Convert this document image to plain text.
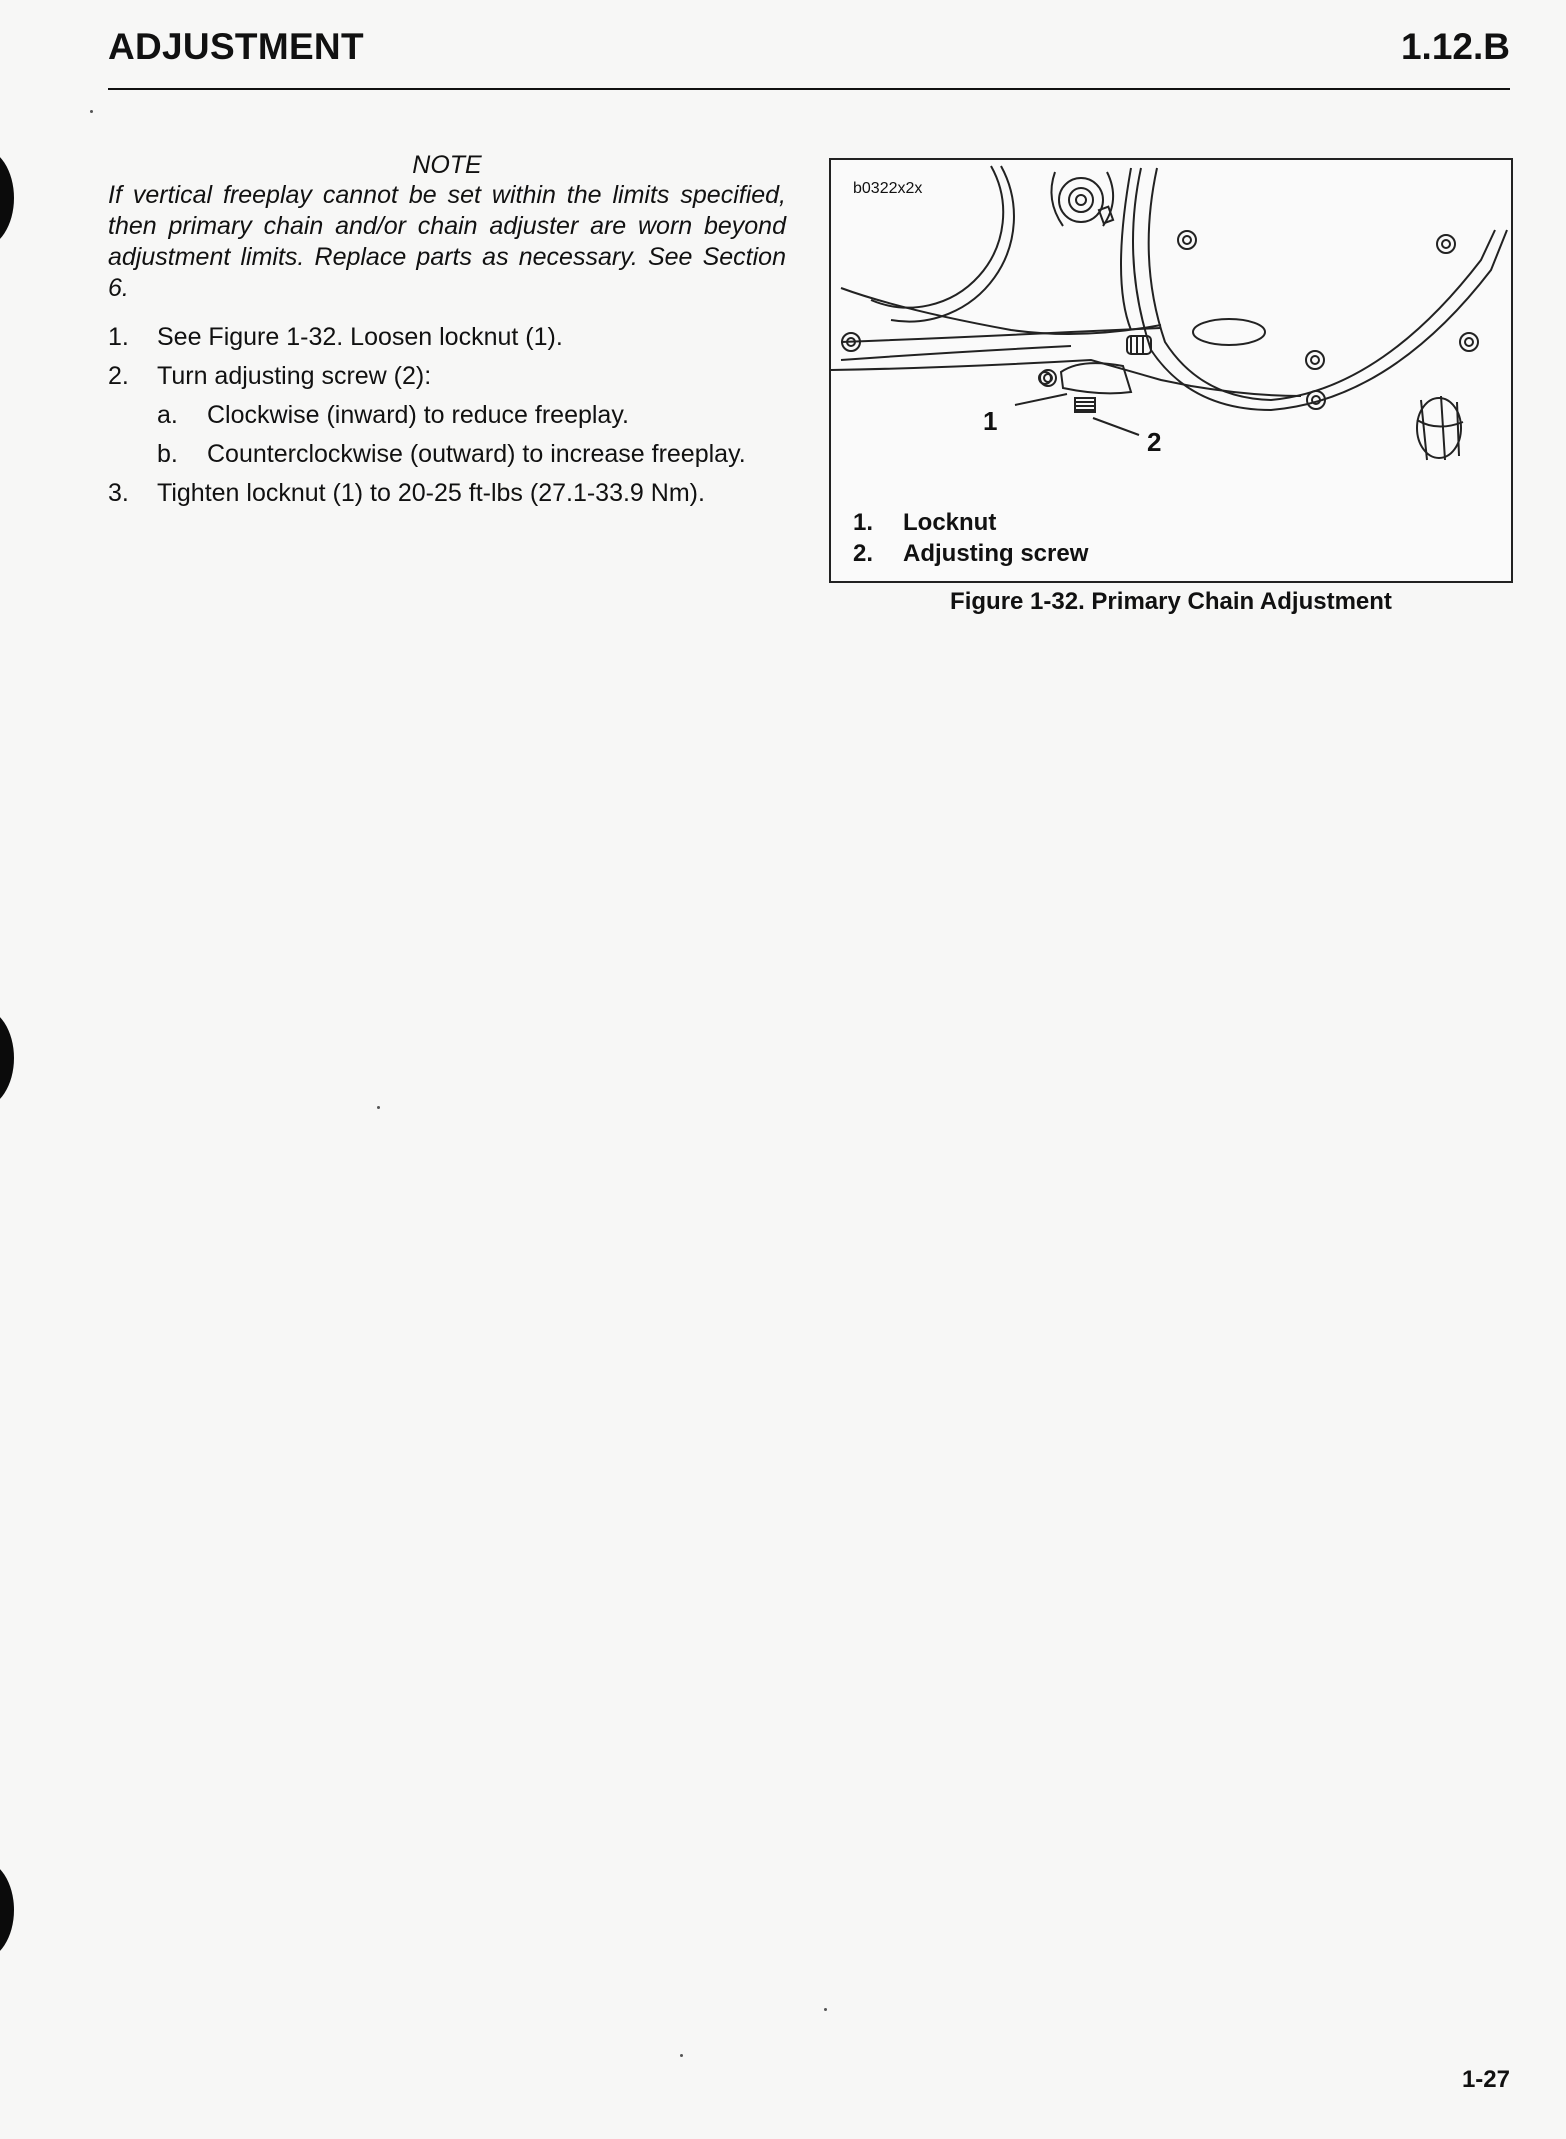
ADJUSTMENT	1.12.B
NOTE
If vertical freeplay cannot be set within the limits specified,
then primary chain and/or chain adjuster are worn beyond
adjustment limits. Replace parts as necessary. See Section 6.
1. See Figure 1-32. Loosen locknut (1).
2. Turn adjusting screw (2):
a. Clockwise (inward) to reduce freeplay.
b. Counterclockwise (outward) to increase freeplay.
3. Tighten locknut (1) to 20-25 ft-lbs (27.1-33.9 Nm).
1
2
b0322x2x
1. Locknut
2. Adjusting screw
Figure 1-32. Primary Chain Adjustment
1-27
